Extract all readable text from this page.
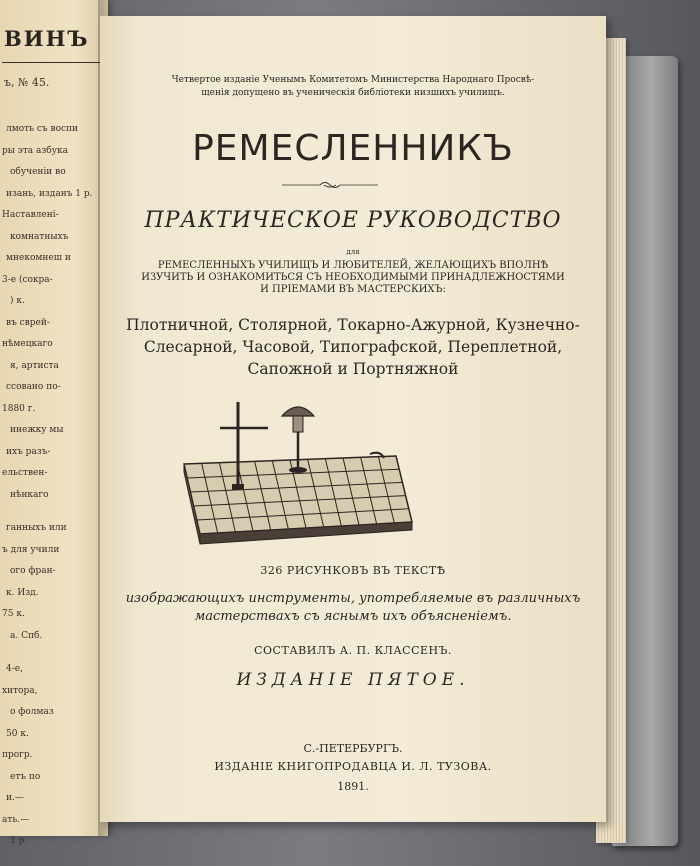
ВИНЪ
ъ, № 45.
лмоть съ воспи
ры эта азбука
обученіи во
изань, изданъ 1 р.
Наставлені-
комнатныхъ
мнекомнеш и
3-е (сокра-
) к.
въ сврей-
нѣмецкаго
я, артиста
ссовано по-
1880 г.
инежку мы
ихъ разъ-
ельствен-
нѣнкаго
ганныхъ или
ъ для учили
ого фран-
к. Изд.
75 к.
а. Спб.
4-е,
хитора,
о фолмаз
50 к.
прогр.
етъ по
и.—
ать.—
1 р.
Четвертое изданіе Ученымъ Комитетомъ Министерства Народнаго Просвѣ-
щенія допущено въ ученическія библіотеки низшихъ училищъ.
РЕМЕСЛЕННИКЪ
ПРАКТИЧЕСКОЕ РУКОВОДСТВО
для
РЕМЕСЛЕННЫХЪ УЧИЛИЩЪ И ЛЮБИТЕЛЕЙ, ЖЕЛАЮЩИХЪ ВПОЛНѢ
ИЗУЧИТЬ И ОЗНАКОМИТЬСЯ СЪ НЕОБХОДИМЫМИ ПРИНАДЛЕЖНОСТЯМИ
И ПРІЕМАМИ ВЪ МАСТЕРСКИХЪ:
Плотничной, Столярной, Токарно-Ажурной, Кузнечно-
Слесарной, Часовой, Типографской, Переплетной,
Сапожной и Портняжной
326 РИСУНКОВЪ ВЪ ТЕКСТѢ
изображающихъ инструменты, употребляемые въ различныхъ
мастерствахъ съ яснымъ ихъ объясненіемъ.
СОСТАВИЛЪ А. П. КЛАССЕНЪ.
ИЗДАНІЕ ПЯТОЕ.
С.-ПЕТЕРБУРГЪ.
ИЗДАНІЕ КНИГОПРОДАВЦА И. Л. ТУЗОВА.
1891.
